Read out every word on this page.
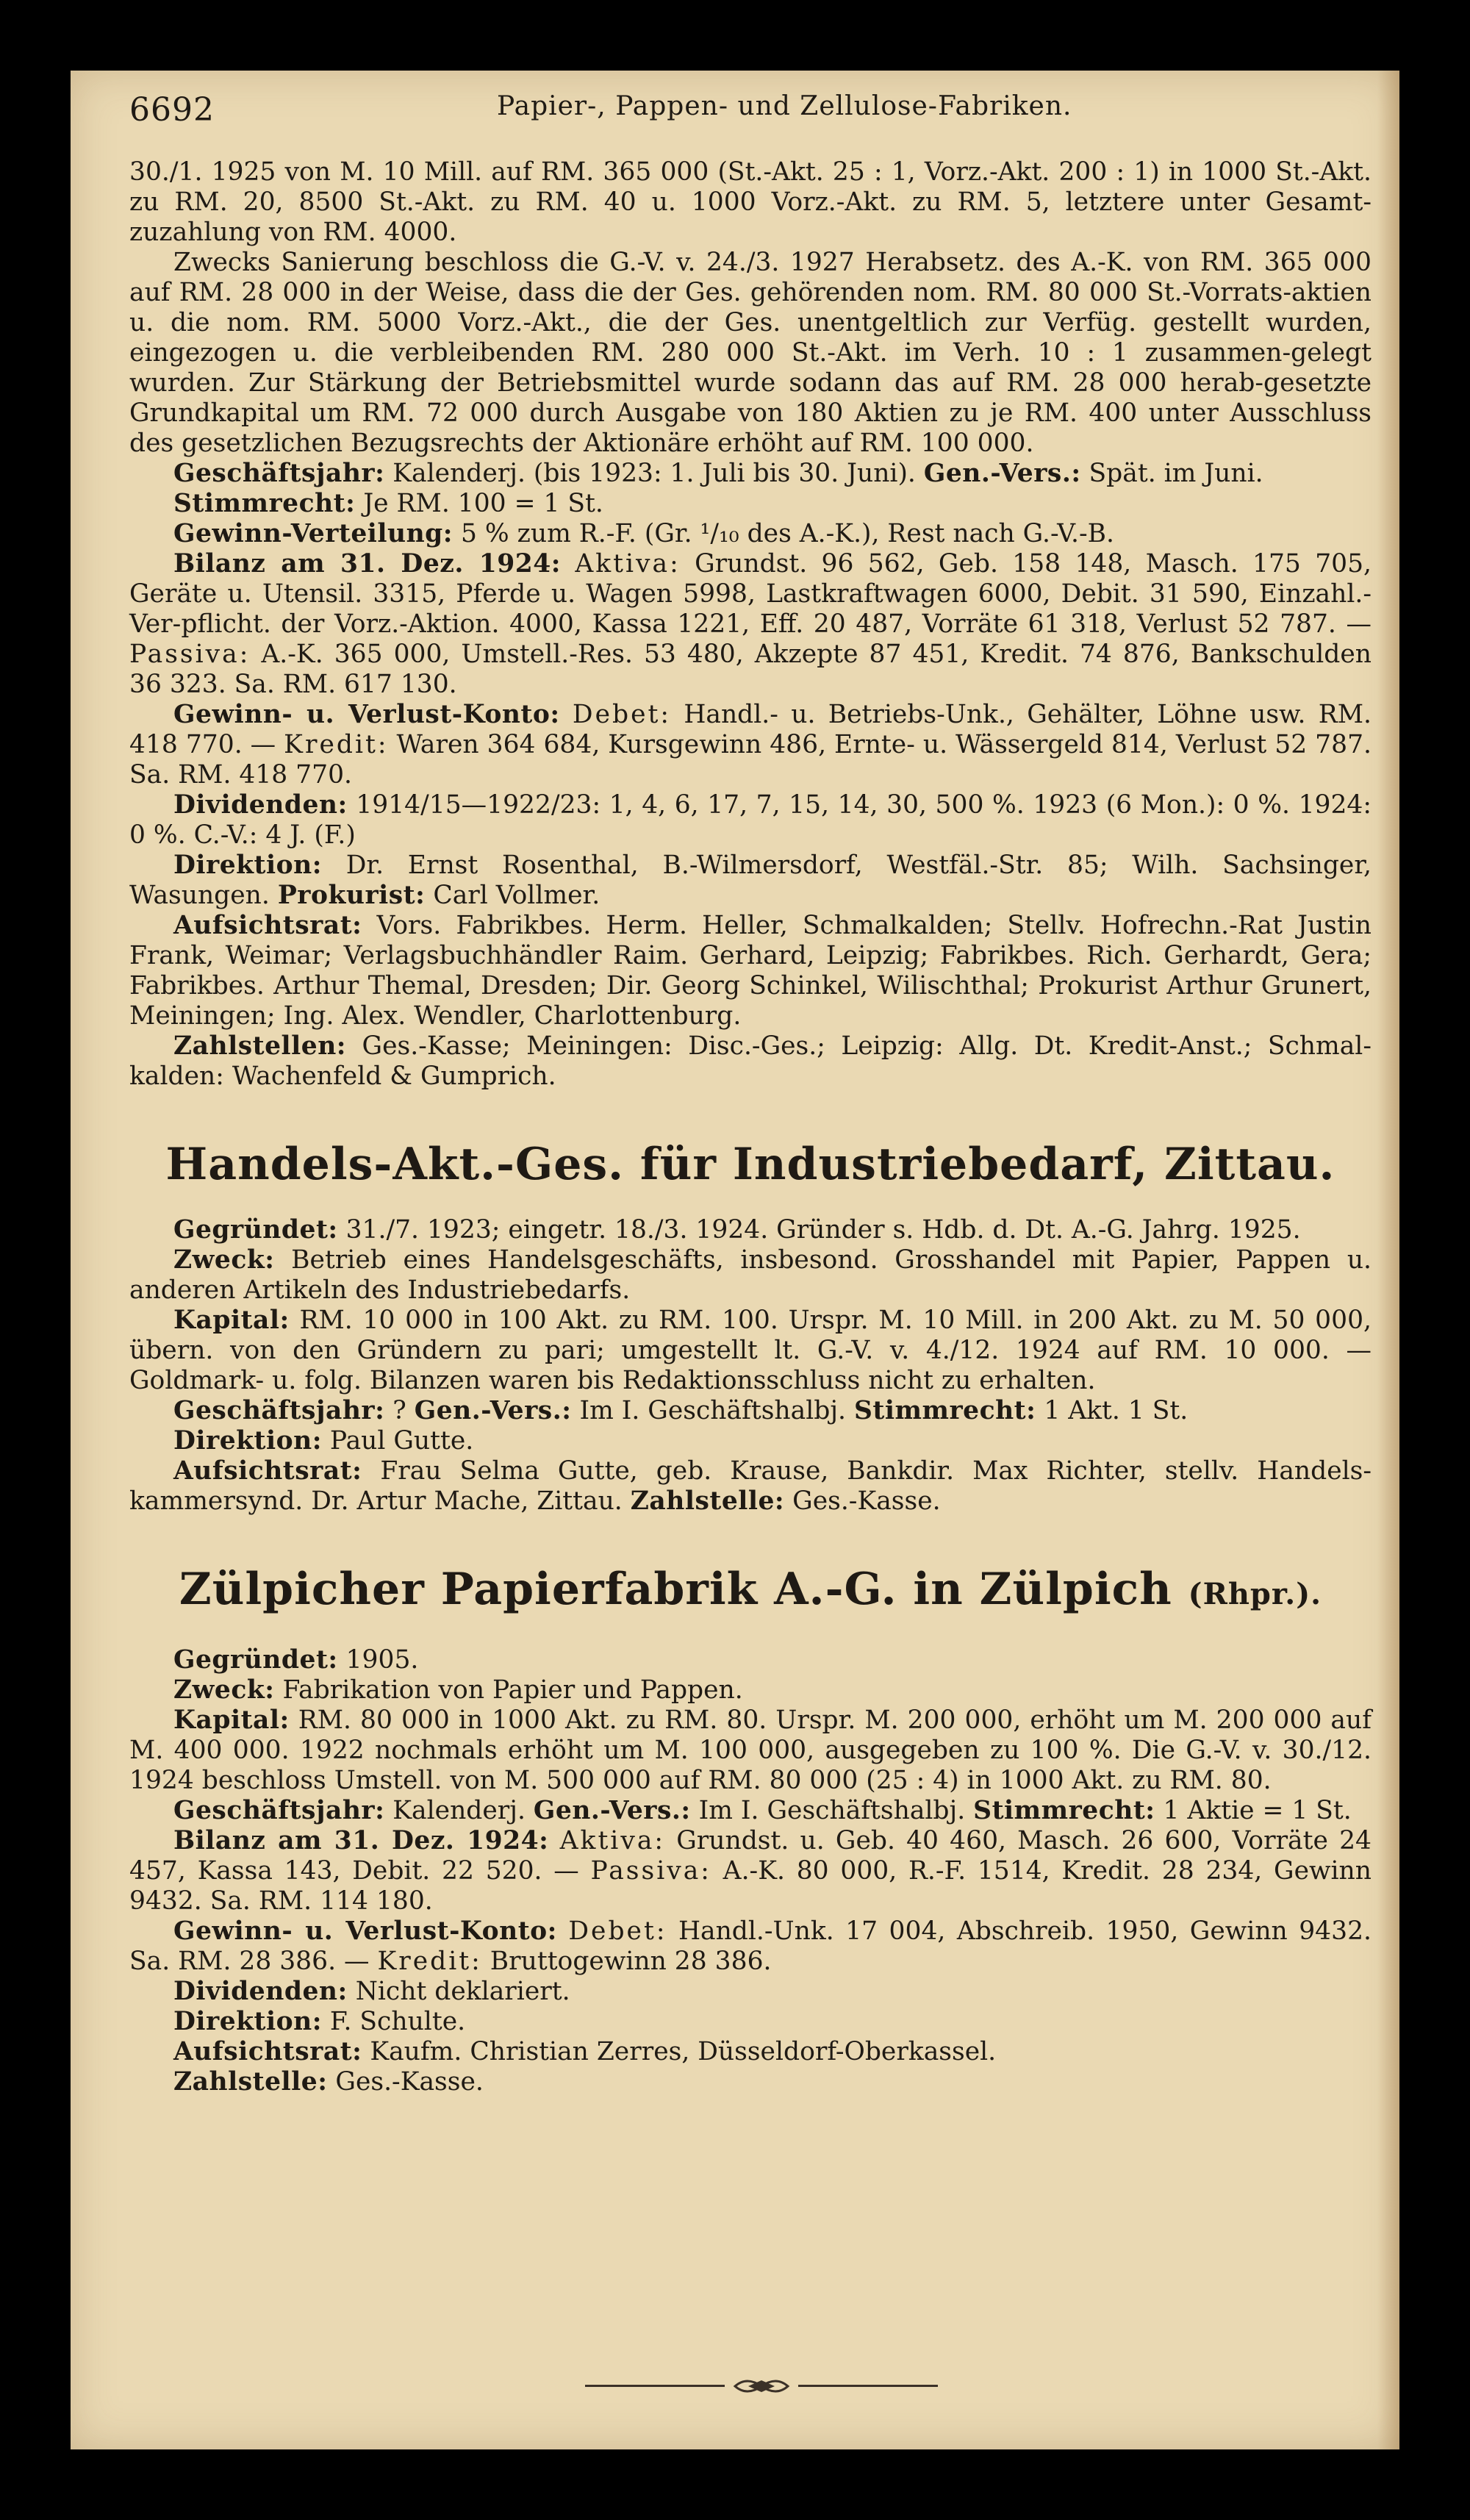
6692	Papier-, Pappen- und Zellulose-Fabriken.

30./1. 1925 von M. 10 Mill. auf RM. 365 000 (St.-Akt. 25 : 1, Vorz.-Akt. 200 : 1) in 1000 St.-Akt. zu RM. 20, 8500 St.-Akt. zu RM. 40 u. 1000 Vorz.-Akt. zu RM. 5, letztere unter Gesamt-zuzahlung von RM. 4000.

Zwecks Sanierung beschloss die G.-V. v. 24./3. 1927 Herabsetz. des A.-K. von RM. 365 000 auf RM. 28 000 in der Weise, dass die der Ges. gehörenden nom. RM. 80 000 St.-Vorrats-aktien u. die nom. RM. 5000 Vorz.-Akt., die der Ges. unentgeltlich zur Verfüg. gestellt wurden, eingezogen u. die verbleibenden RM. 280 000 St.-Akt. im Verh. 10 : 1 zusammen-gelegt wurden. Zur Stärkung der Betriebsmittel wurde sodann das auf RM. 28 000 herab-gesetzte Grundkapital um RM. 72 000 durch Ausgabe von 180 Aktien zu je RM. 400 unter Ausschluss des gesetzlichen Bezugsrechts der Aktionäre erhöht auf RM. 100 000.

Geschäftsjahr: Kalenderj. (bis 1923: 1. Juli bis 30. Juni). Gen.-Vers.: Spät. im Juni.

Stimmrecht: Je RM. 100 = 1 St.

Gewinn-Verteilung: 5 % zum R.-F. (Gr. ¹/₁₀ des A.-K.), Rest nach G.-V.-B.

Bilanz am 31. Dez. 1924: Aktiva: Grundst. 96 562, Geb. 158 148, Masch. 175 705, Geräte u. Utensil. 3315, Pferde u. Wagen 5998, Lastkraftwagen 6000, Debit. 31 590, Einzahl.-Ver-pflicht. der Vorz.-Aktion. 4000, Kassa 1221, Eff. 20 487, Vorräte 61 318, Verlust 52 787. — Passiva: A.-K. 365 000, Umstell.-Res. 53 480, Akzepte 87 451, Kredit. 74 876, Bankschulden 36 323. Sa. RM. 617 130.

Gewinn- u. Verlust-Konto: Debet: Handl.- u. Betriebs-Unk., Gehälter, Löhne usw. RM. 418 770. — Kredit: Waren 364 684, Kursgewinn 486, Ernte- u. Wässergeld 814, Verlust 52 787. Sa. RM. 418 770.

Dividenden: 1914/15—1922/23: 1, 4, 6, 17, 7, 15, 14, 30, 500 %. 1923 (6 Mon.): 0 %. 1924: 0 %. C.-V.: 4 J. (F.)

Direktion: Dr. Ernst Rosenthal, B.-Wilmersdorf, Westfäl.-Str. 85; Wilh. Sachsinger, Wasungen. Prokurist: Carl Vollmer.

Aufsichtsrat: Vors. Fabrikbes. Herm. Heller, Schmalkalden; Stellv. Hofrechn.-Rat Justin Frank, Weimar; Verlagsbuchhändler Raim. Gerhard, Leipzig; Fabrikbes. Rich. Gerhardt, Gera; Fabrikbes. Arthur Themal, Dresden; Dir. Georg Schinkel, Wilischthal; Prokurist Arthur Grunert, Meiningen; Ing. Alex. Wendler, Charlottenburg.

Zahlstellen: Ges.-Kasse; Meiningen: Disc.-Ges.; Leipzig: Allg. Dt. Kredit-Anst.; Schmal-kalden: Wachenfeld & Gumprich.

Handels-Akt.-Ges. für Industriebedarf, Zittau.

Gegründet: 31./7. 1923; eingetr. 18./3. 1924. Gründer s. Hdb. d. Dt. A.-G. Jahrg. 1925.

Zweck: Betrieb eines Handelsgeschäfts, insbesond. Grosshandel mit Papier, Pappen u. anderen Artikeln des Industriebedarfs.

Kapital: RM. 10 000 in 100 Akt. zu RM. 100. Urspr. M. 10 Mill. in 200 Akt. zu M. 50 000, übern. von den Gründern zu pari; umgestellt lt. G.-V. v. 4./12. 1924 auf RM. 10 000. — Goldmark- u. folg. Bilanzen waren bis Redaktionsschluss nicht zu erhalten.

Geschäftsjahr: ? Gen.-Vers.: Im I. Geschäftshalbj. Stimmrecht: 1 Akt. 1 St.

Direktion: Paul Gutte.

Aufsichtsrat: Frau Selma Gutte, geb. Krause, Bankdir. Max Richter, stellv. Handels-kammersynd. Dr. Artur Mache, Zittau. Zahlstelle: Ges.-Kasse.

Zülpicher Papierfabrik A.-G. in Zülpich (Rhpr.).

Gegründet: 1905.

Zweck: Fabrikation von Papier und Pappen.

Kapital: RM. 80 000 in 1000 Akt. zu RM. 80. Urspr. M. 200 000, erhöht um M. 200 000 auf M. 400 000. 1922 nochmals erhöht um M. 100 000, ausgegeben zu 100 %. Die G.-V. v. 30./12. 1924 beschloss Umstell. von M. 500 000 auf RM. 80 000 (25 : 4) in 1000 Akt. zu RM. 80.

Geschäftsjahr: Kalenderj. Gen.-Vers.: Im I. Geschäftshalbj. Stimmrecht: 1 Aktie = 1 St.

Bilanz am 31. Dez. 1924: Aktiva: Grundst. u. Geb. 40 460, Masch. 26 600, Vorräte 24 457, Kassa 143, Debit. 22 520. — Passiva: A.-K. 80 000, R.-F. 1514, Kredit. 28 234, Gewinn 9432. Sa. RM. 114 180.

Gewinn- u. Verlust-Konto: Debet: Handl.-Unk. 17 004, Abschreib. 1950, Gewinn 9432. Sa. RM. 28 386. — Kredit: Bruttogewinn 28 386.

Dividenden: Nicht deklariert.

Direktion: F. Schulte.

Aufsichtsrat: Kaufm. Christian Zerres, Düsseldorf-Oberkassel.

Zahlstelle: Ges.-Kasse.
